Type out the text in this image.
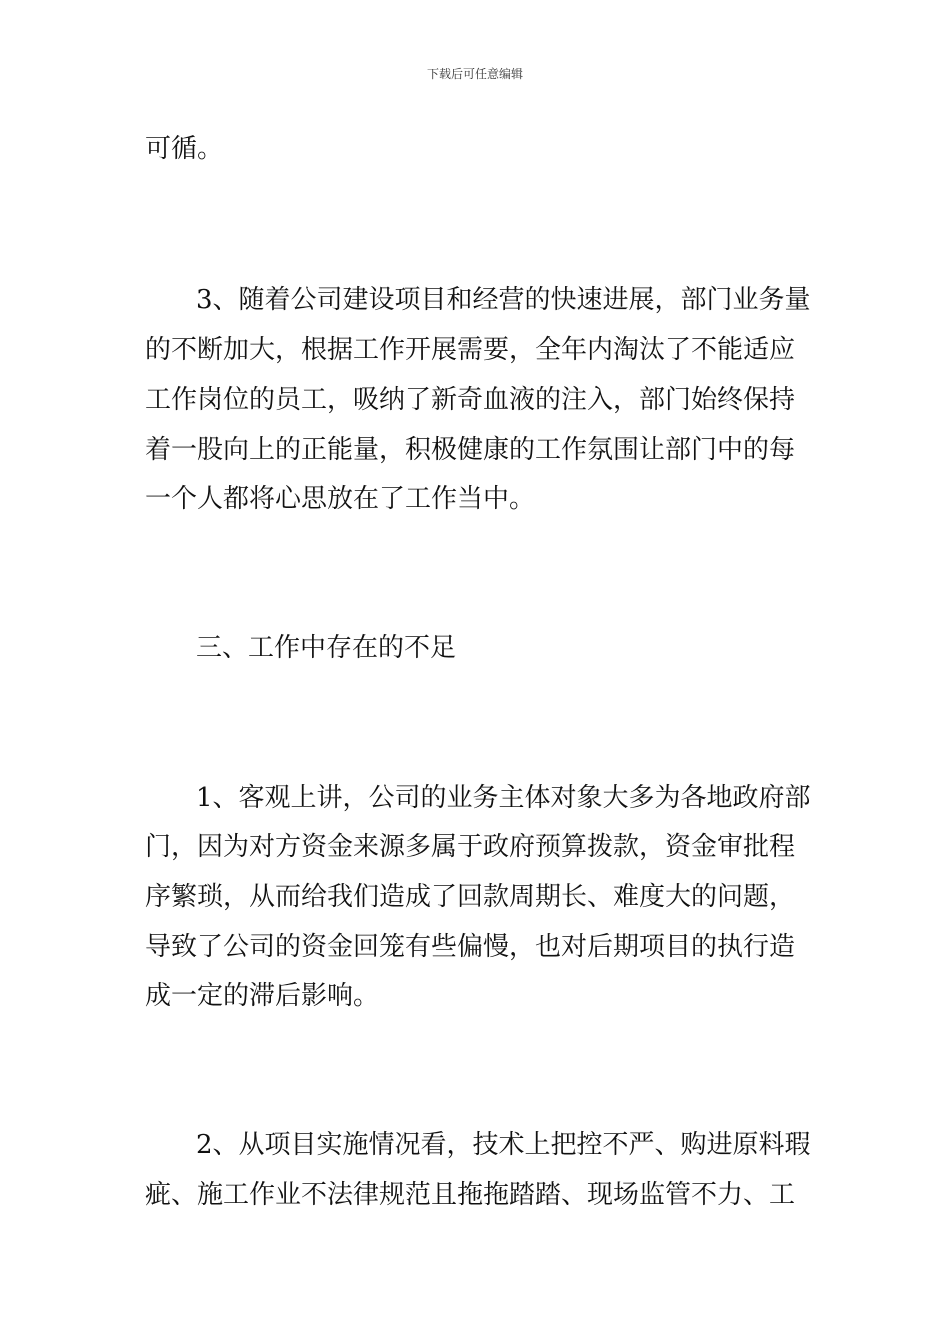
下载后可任意编辑
可循。
3、随着公司建设项目和经营的快速进展，部门业务量
的不断加大，根据工作开展需要，全年内淘汰了不能适应
工作岗位的员工，吸纳了新奇血液的注入，部门始终保持
着一股向上的正能量，积极健康的工作氛围让部门中的每
一个人都将心思放在了工作当中。
三、工作中存在的不足
1、客观上讲，公司的业务主体对象大多为各地政府部
门，因为对方资金来源多属于政府预算拨款，资金审批程
序繁琐，从而给我们造成了回款周期长、难度大的问题，
导致了公司的资金回笼有些偏慢，也对后期项目的执行造
成一定的滞后影响。
2、从项目实施情况看，技术上把控不严、购进原料瑕
疵、施工作业不法律规范且拖拖踏踏、现场监管不力、工
